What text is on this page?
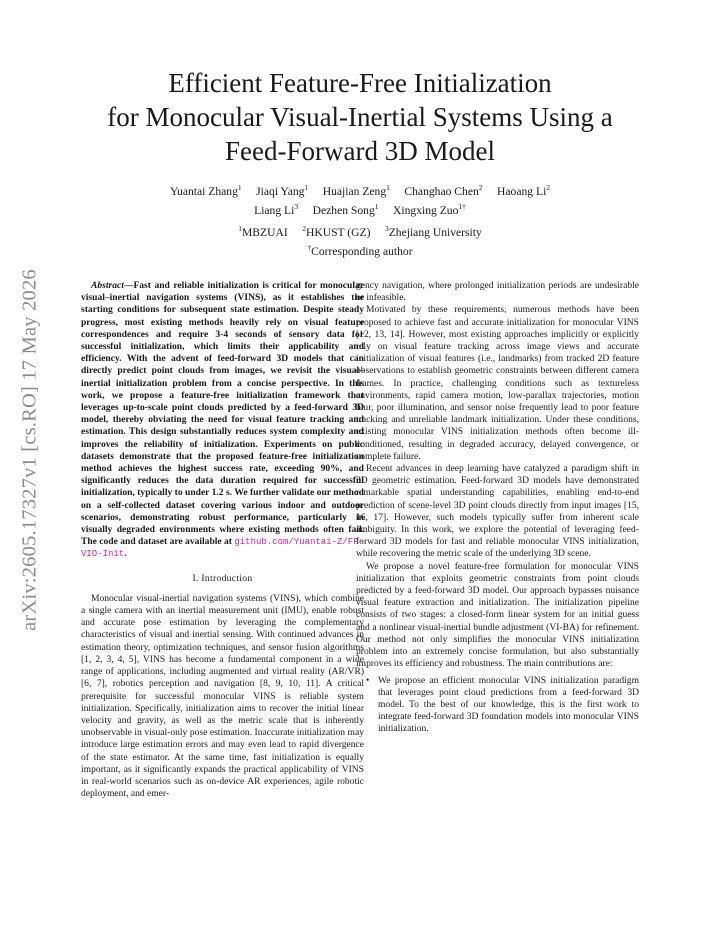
arXiv:2605.17327v1 [cs.RO] 17 May 2026
Efficient Feature-Free Initialization
for Monocular Visual-Inertial Systems Using a
Feed-Forward 3D Model
Yuantai Zhang$^1$ Jiaqi Yang$^1$ Huajian Zeng$^1$ Changhao Chen$^2$ Haoang Li$^2$
Liang Li$^3$ Dezhen Song$^1$ Xingxing Zuo$^{1\dagger}$
$^1$MBZUAI $^2$HKUST (GZ) $^3$Zhejiang University
†Corresponding author

Abstract—Fast and reliable initialization is critical for monocular visual–inertial navigation systems (VINS), as it establishes the starting conditions for subsequent state estimation. Despite steady progress, most existing methods heavily rely on visual feature correspondences and require 3-4 seconds of sensory data for successful initialization, which limits their applicability and efficiency. With the advent of feed-forward 3D models that can directly predict point clouds from images, we revisit the visual–inertial initialization problem from a concise perspective. In this work, we propose a feature-free initialization framework that leverages up-to-scale point clouds predicted by a feed-forward 3D model, thereby obviating the need for visual feature tracking and estimation. This design substantially reduces system complexity and improves the reliability of initialization. Experiments on public datasets demonstrate that the proposed feature-free initialization method achieves the highest success rate, exceeding 90%, and significantly reduces the data duration required for successful initialization, typically to under 1.2 s. We further validate our method on a self-collected dataset covering various indoor and outdoor scenarios, demonstrating robust performance, particularly in visually degraded environments where existing methods often fail. The code and dataset are available at github.com/Yuantai-Z/FF-VIO-Init.

I. Introduction

Monocular visual-inertial navigation systems (VINS), which combine a single camera with an inertial measurement unit (IMU), enable robust and accurate pose estimation by leveraging the complementary characteristics of visual and inertial sensing. With continued advances in estimation theory, optimization techniques, and sensor fusion algorithms [1, 2, 3, 4, 5], VINS has become a fundamental component in a wide range of applications, including augmented and virtual reality (AR/VR) [6, 7], robotics perception and navigation [8, 9, 10, 11]. A critical prerequisite for successful monocular VINS is reliable system initialization. Specifically, initialization aims to recover the initial linear velocity and gravity, as well as the metric scale that is inherently unobservable in visual-only pose estimation. Inaccurate initialization may introduce large estimation errors and may even lead to rapid divergence of the state estimator. At the same time, fast initialization is equally important, as it significantly expands the practical applicability of VINS in real-world scenarios such as on-device AR experiences, agile robotic deployment, and emer-

gency navigation, where prolonged initialization periods are undesirable or infeasible.

Motivated by these requirements, numerous methods have been proposed to achieve fast and accurate initialization for monocular VINS [12, 13, 14]. However, most existing approaches implicitly or explicitly rely on visual feature tracking across image views and accurate initialization of visual features (i.e., landmarks) from tracked 2D feature observations to establish geometric constraints between different camera frames. In practice, challenging conditions such as textureless environments, rapid camera motion, low-parallax trajectories, motion blur, poor illumination, and sensor noise frequently lead to poor feature tracking and unreliable landmark initialization. Under these conditions, existing monocular VINS initialization methods often become ill-conditioned, resulting in degraded accuracy, delayed convergence, or complete failure.

Recent advances in deep learning have catalyzed a paradigm shift in 3D geometric estimation. Feed-forward 3D models have demonstrated remarkable spatial understanding capabilities, enabling end-to-end prediction of scene-level 3D point clouds directly from input images [15, 16, 17]. However, such models typically suffer from inherent scale ambiguity. In this work, we explore the potential of leveraging feed-forward 3D models for fast and reliable monocular VINS initialization, while recovering the metric scale of the underlying 3D scene.

We propose a novel feature-free formulation for monocular VINS initialization that exploits geometric constraints from point clouds predicted by a feed-forward 3D model. Our approach bypasses nuisance visual feature extraction and initialization. The initialization pipeline consists of two stages: a closed-form linear system for an initial guess and a nonlinear visual-inertial bundle adjustment (VI-BA) for refinement. Our method not only simplifies the monocular VINS initialization problem into an extremely concise formulation, but also substantially improves its efficiency and robustness. The main contributions are:

• We propose an efficient monocular VINS initialization paradigm that leverages point cloud predictions from a feed-forward 3D model. To the best of our knowledge, this is the first work to integrate feed-forward 3D foundation models into monocular VINS initialization.
